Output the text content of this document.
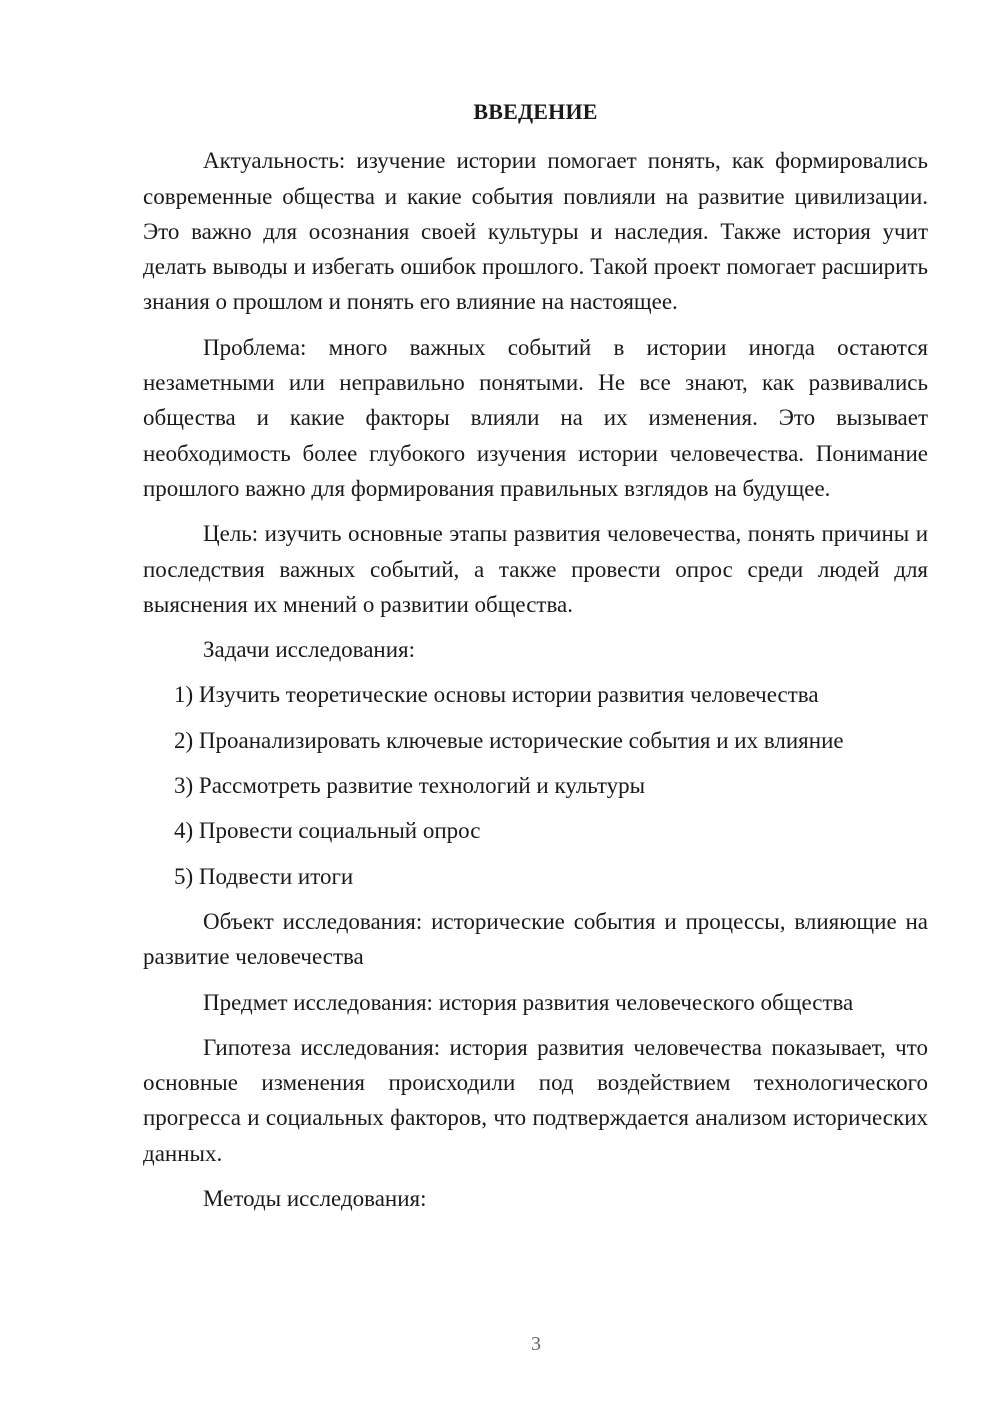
ВВЕДЕНИЕ

Актуальность: изучение истории помогает понять, как формировались современные общества и какие события повлияли на развитие цивилизации. Это важно для осознания своей культуры и наследия. Также история учит делать выводы и избегать ошибок прошлого. Такой проект помогает расширить знания о прошлом и понять его влияние на настоящее.

Проблема: много важных событий в истории иногда остаются незаметными или неправильно понятыми. Не все знают, как развивались общества и какие факторы влияли на их изменения. Это вызывает необходимость более глубокого изучения истории человечества. Понимание прошлого важно для формирования правильных взглядов на будущее.

Цель: изучить основные этапы развития человечества, понять причины и последствия важных событий, а также провести опрос среди людей для выяснения их мнений о развитии общества.

Задачи исследования:

1) Изучить теоретические основы истории развития человечества
2) Проанализировать ключевые исторические события и их влияние
3) Рассмотреть развитие технологий и культуры
4) Провести социальный опрос
5) Подвести итоги

Объект исследования: исторические события и процессы, влияющие на развитие человечества

Предмет исследования: история развития человеческого общества

Гипотеза исследования: история развития человечества показывает, что основные изменения происходили под воздействием технологического прогресса и социальных факторов, что подтверждается анализом исторических данных.

Методы исследования:

3
